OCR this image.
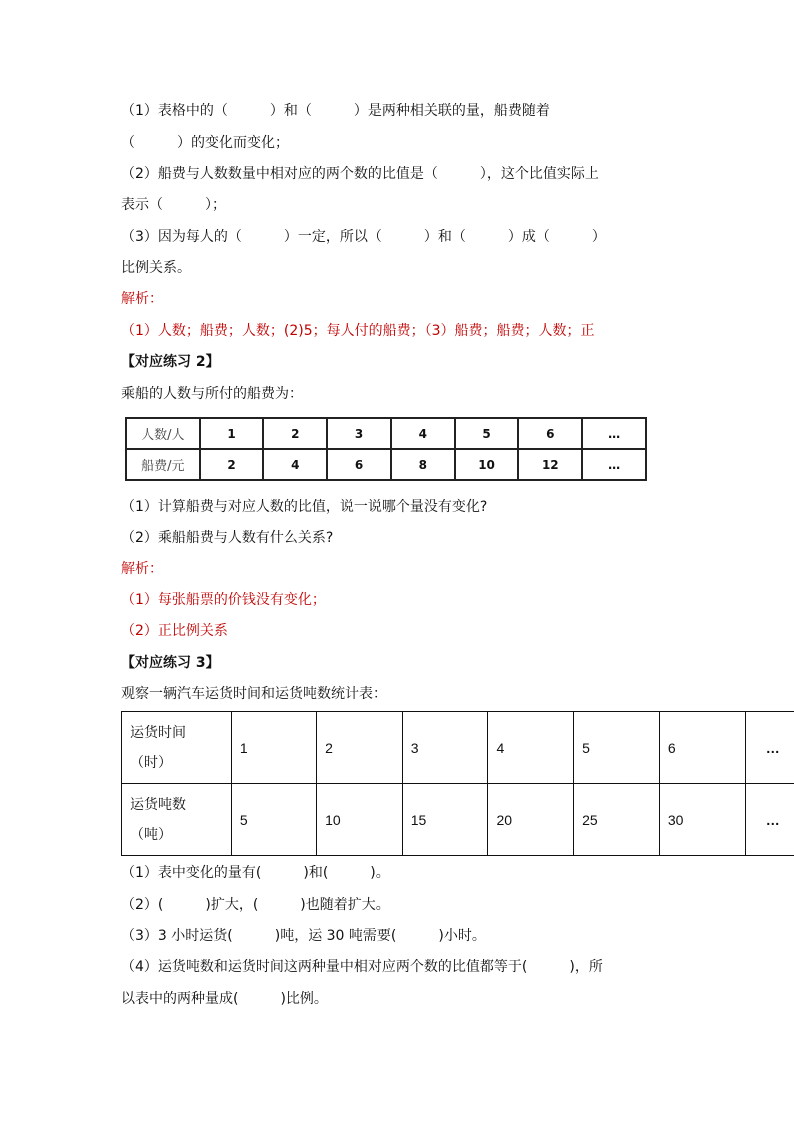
（1）表格中的（　　　）和（　　　）是两种相关联的量，船费随着
（　　　）的变化而变化；
（2）船费与人数数量中相对应的两个数的比值是（　　　），这个比值实际上
表示（　　　）；
（3）因为每人的（　　　）一定，所以（　　　）和（　　　）成（　　　）
比例关系。
解析：
（1）人数；船费；人数；(2)5；每人付的船费；（3）船费；船费；人数；正
【对应练习 2】
乘船的人数与所付的船费为：
人数/人	1	2	3	4	5	6	…
船费/元	2	4	6	8	10	12	…
（1）计算船费与对应人数的比值，说一说哪个量没有变化?
（2）乘船船费与人数有什么关系?
解析：
（1）每张船票的价钱没有变化；
（2）正比例关系
【对应练习 3】
观察一辆汽车运货时间和运货吨数统计表：
运货时间
（时）	1	2	3	4	5	6	…

运货吨数
（吨）	5	10	15	20	25	30	…
（1）表中变化的量有(　　　)和(　　　)。
（2）(　　　)扩大，(　　　)也随着扩大。
（3）3 小时运货(　　　)吨，运 30 吨需要(　　　)小时。
（4）运货吨数和运货时间这两种量中相对应两个数的比值都等于(　　　)，所
以表中的两种量成(　　　)比例。
